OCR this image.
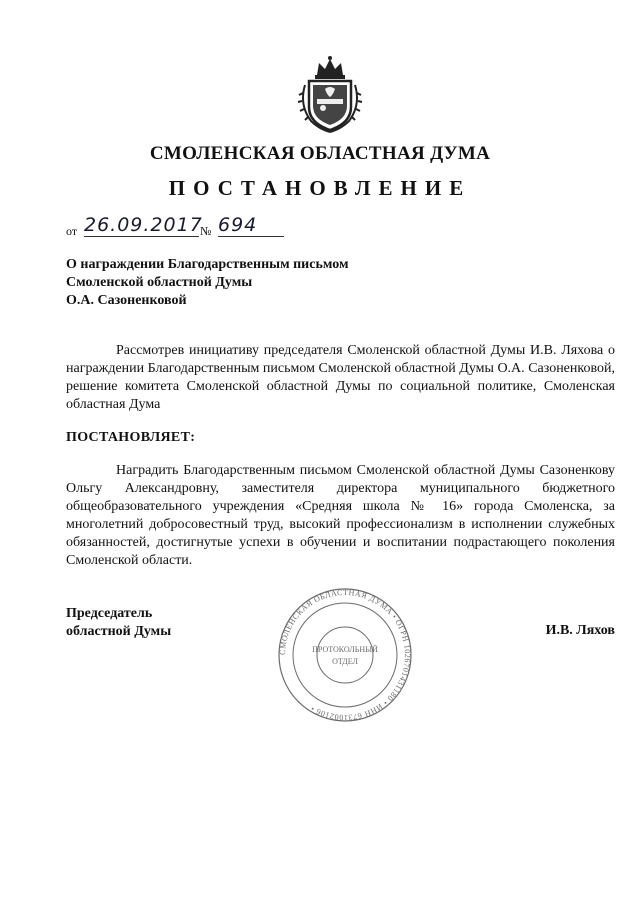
СМОЛЕНСКАЯ ОБЛАСТНАЯ ДУМА
ПОСТАНОВЛЕНИЕ
от 26.09.2017
№ 694
О награждении Благодарственным письмом
Смоленской областной Думы
О.А. Сазоненковой
Рассмотрев инициативу председателя Смоленской областной Думы И.В. Ляхова о награждении Благодарственным письмом Смоленской областной Думы О.А. Сазоненковой, решение комитета Смоленской областной Думы по социальной политике, Смоленская областная Дума
ПОСТАНОВЛЯЕТ:
Наградить Благодарственным письмом Смоленской областной Думы Сазоненкову Ольгу Александровну, заместителя директора муниципального бюджетного общеобразовательного учреждения «Средняя школа № 16» города Смоленска, за многолетний добросовестный труд, высокий профессионализм в исполнении служебных обязанностей, достигнутые успехи в обучении и воспитании подрастающего поколения Смоленской области.
Председатель
областной Думы
СМОЛЕНСКАЯ ОБЛАСТНАЯ ДУМА • ОГРН 1026701431180 • ИНН 6731002106 •
ПРОТОКОЛЬНЫЙ
ОТДЕЛ
И.В. Ляхов
